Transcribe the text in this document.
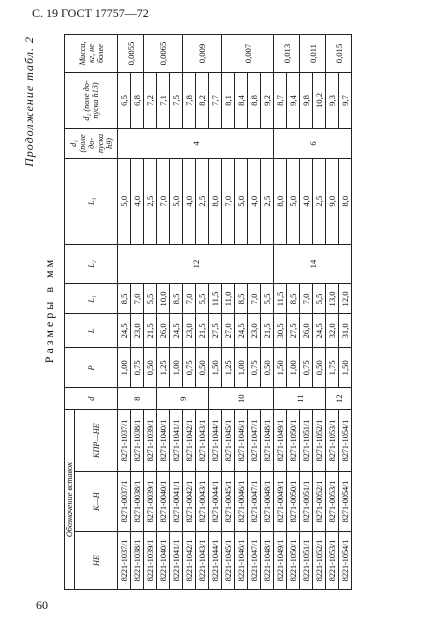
С. 19 ГОСТ 17757—72
Продолжение табл. 2
Размеры в мм
Обозначение вставок			d	P	L	L₁	L₂	L₃	d₁ (поле до-пуска h9)	d₂ (поле до-пуска h13)	Масса, кг, не более
НЕ	К—Н	КПР—НЕ									
8221-1037/1	8271-0037/1	8271-1037/1	8	1,00	24,5	8,5	12	5,0	4	6,5	0,0055
8221-1038/1	8271-0038/1	8271-1038/1		0,75	23,0	7,0		4,0		6,8	
8221-1039/1	8271-0039/1	8271-1039/1		0,50	21,5	5,5		2,5		7,2	0,0065
8221-1040/1	8271-0040/1	8271-1040/1	9	1,25	26,0	10,0		7,0		7,1	
8221-1041/1	8271-0041/1	8271-1041/1		1,00	24,5	8,5		5,0		7,5	
8221-1042/1	8271-0042/1	8271-1042/1		0,75	23,0	7,0		4,0		7,8	0,009
8221-1043/1	8271-0043/1	8271-1043/1		0,50	21,5	5,5		2,5		8,2	
8221-1044/1	8271-0044/1	8271-1044/1	10	1,50	27,5	11,5		8,0		7,7	
8221-1045/1	8271-0045/1	8271-1045/1		1,25	27,0	11,0		7,0		8,1	0,007
8221-1046/1	8271-0046/1	8271-1046/1		1,00	24,5	8,5		5,0		8,4	
8221-1047/1	8271-0047/1	8271-1047/1		0,75	23,0	7,0		4,0		8,8	
8221-1048/1	8271-0048/1	8271-1048/1		0,50	21,5	5,5		2,5		9,2	
8221-1049/1	8271-0049/1	8271-1049/1	11	1,50	30,5	11,5	14	8,0	6	8,7	0,013
8221-1050/1	8271-0050/1	8271-1050/1		1,00	27,5	8,5		5,0		9,4	
8221-1051/1	8271-0051/1	8271-1051/1		0,75	26,0	7,0		4,0		9,8	0,011
8221-1052/1	8271-0052/1	8271-1052/1		0,50	24,5	5,5		2,5		10,2	
8221-1053/1	8271-0053/1	8271-1053/1	12	1,75	32,0	13,0		9,0		9,3	0,015
8221-1054/1	8271-0054/1	8271-1054/1		1,50	31,0	12,0		8,0		9,7	
60
